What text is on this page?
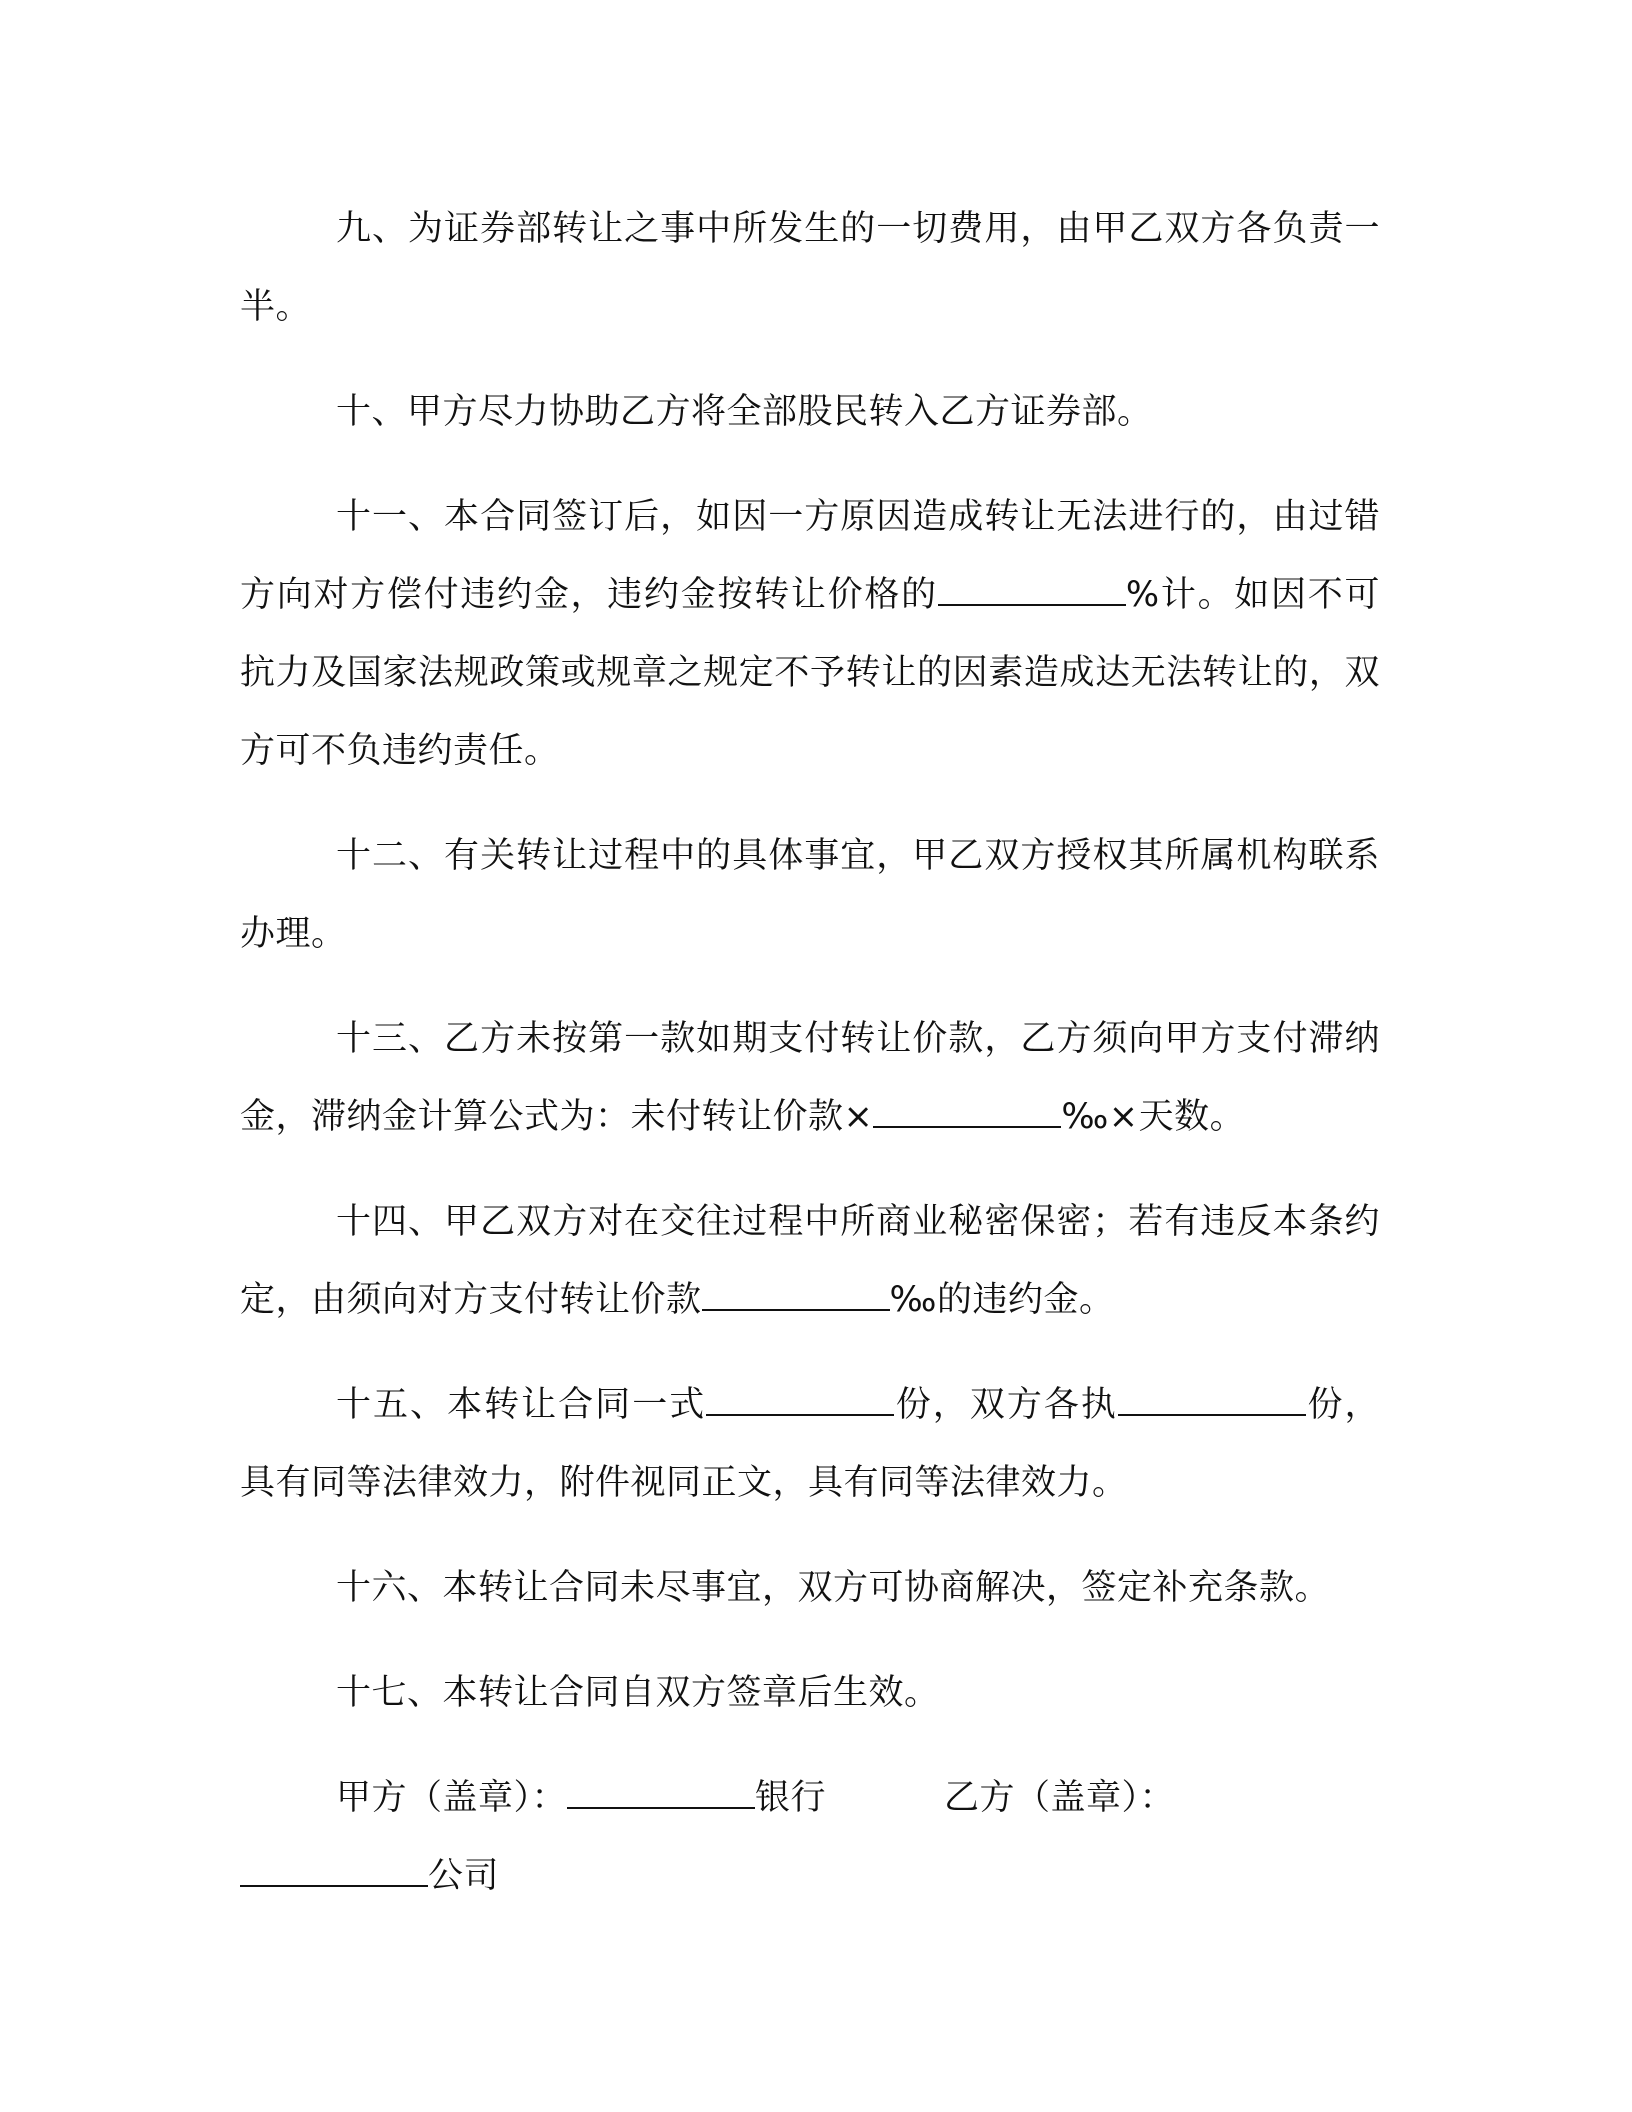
九、为证券部转让之事中所发生的一切费用，由甲乙双方各负责一半。

十、甲方尽力协助乙方将全部股民转入乙方证券部。

十一、本合同签订后，如因一方原因造成转让无法进行的，由过错方向对方偿付违约金，违约金按转让价格的	%计。如因不可抗力及国家法规政策或规章之规定不予转让的因素造成达无法转让的，双方可不负违约责任。

十二、有关转让过程中的具体事宜，甲乙双方授权其所属机构联系办理。

十三、乙方未按第一款如期支付转让价款，乙方须向甲方支付滞纳金，滞纳金计算公式为：未付转让价款×	‰×天数。

十四、甲乙双方对在交往过程中所商业秘密保密；若有违反本条约定，由须向对方支付转让价款	‰的违约金。

十五、本转让合同一式	份，双方各执	份，具有同等法律效力，附件视同正文，具有同等法律效力。

十六、本转让合同未尽事宜，双方可协商解决，签定补充条款。

十七、本转让合同自双方签章后生效。

甲方（盖章）：	银行	乙方（盖章）：

公司
